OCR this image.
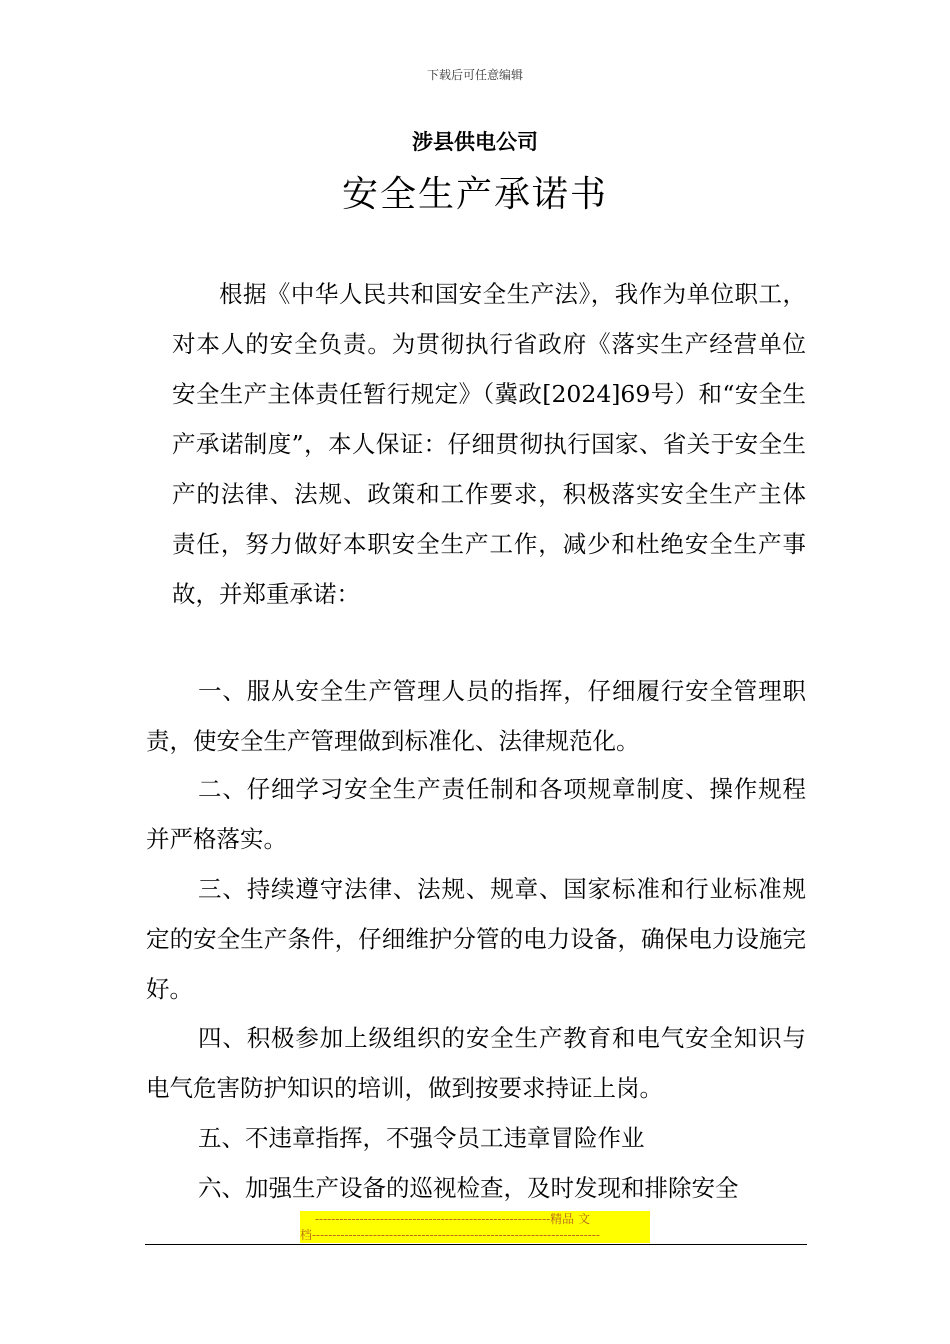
下载后可任意编辑
涉县供电公司
安全生产承诺书

根据《中华人民共和国安全生产法》，我作为单位职工，对本人的安全负责。为贯彻执行省政府《落实生产经营单位安全生产主体责任暂行规定》（冀政[2024]69号）和“安全生产承诺制度”，本人保证：仔细贯彻执行国家、省关于安全生产的法律、法规、政策和工作要求，积极落实安全生产主体责任，努力做好本职安全生产工作，减少和杜绝安全生产事故，并郑重承诺：

一、服从安全生产管理人员的指挥，仔细履行安全管理职责，使安全生产管理做到标准化、法律规范化。

二、仔细学习安全生产责任制和各项规章制度、操作规程并严格落实。

三、持续遵守法律、法规、规章、国家标准和行业标准规定的安全生产条件，仔细维护分管的电力设备，确保电力设施完好。

四、积极参加上级组织的安全生产教育和电气安全知识与电气危害防护知识的培训，做到按要求持证上岗。

五、不违章指挥，不强令员工违章冒险作业

六、加强生产设备的巡视检查，及时发现和排除安全

----------------------------------------------------------精品 文
档-----------------------------------------------------------------------
